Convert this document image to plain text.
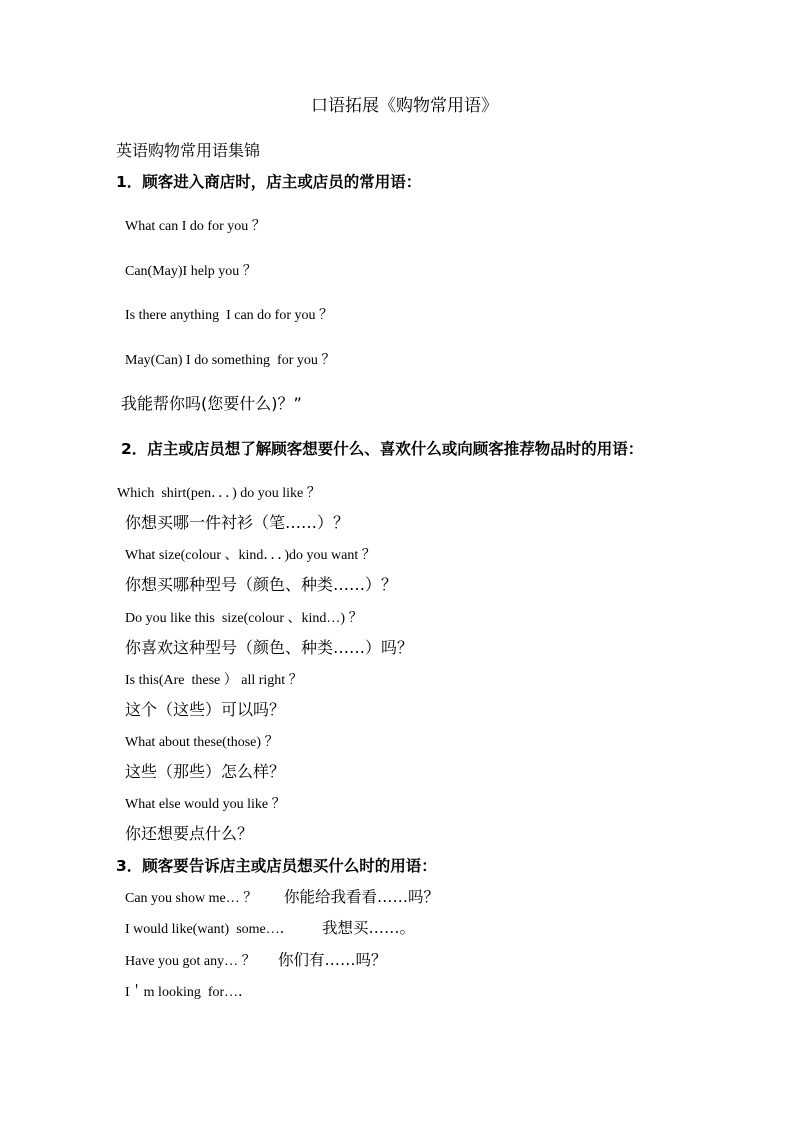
口语拓展《购物常用语》
英语购物常用语集锦
1．顾客进入商店时，店主或店员的常用语：
What can I do for you ？
Can(May)I help you ？
Is there anything  I can do for you ？
May(Can) I do something  for you ？
我能帮你吗(您要什么)？”
2．店主或店员想了解顾客想要什么、喜欢什么或向顾客推荐物品时的用语：
Which  shirt(pen．．．) do you like ？
你想买哪一件衬衫（笔……）？
What size(colour 、kind．．．)do you want ？
你想买哪种型号（颜色、种类……）？
Do you like this  size(colour 、kind…) ？
你喜欢这种型号（颜色、种类……）吗？
Is this(Are  these ） all right ？
这个（这些）可以吗？
What about these(those) ？
这些（那些）怎么样？
What else would you like ？
你还想要点什么？
3．顾客要告诉店主或店员想买什么时的用语：
Can you show me… ？ 你能给我看看……吗？
I would like(want)  some…． 我想买……。
Have you got any… ？ 你们有……吗？
I＇m looking  for…．
